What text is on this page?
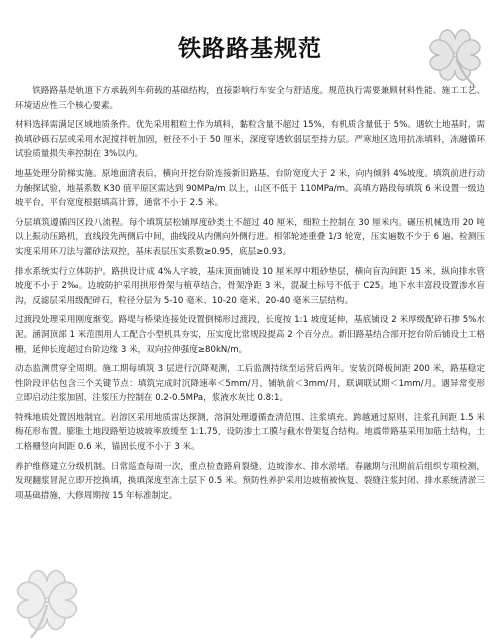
铁路路基规范

铁路路基是轨道下方承载列车荷载的基础结构，直接影响行车安全与舒适度。规范执行需要兼顾材料性能、施工工艺、环境适应性三个核心要素。

材料选择需满足区域地质条件。优先采用粗粒土作为填料，黏粒含量不超过 15%，有机质含量低于 5%。遇软土地基时，需换填砂砾石层或采用水泥搅拌桩加固，桩径不小于 50 厘米，深度穿透软弱层至持力层。严寒地区选用抗冻填料，冻融循环试验质量损失率控制在 3%以内。

地基处理分阶梯实施。原地面清表后，横向开挖台阶连接新旧路基，台阶宽度大于 2 米，向内倾斜 4%坡度。填筑前进行动力触探试验，地基系数 K30 值平原区需达到 90MPa/m 以上，山区不低于 110MPa/m。高填方路段每填筑 6 米设置一级边坡平台，平台宽度根据填高计算，通常不小于 2.5 米。

分层填筑遵循四区段八流程。每个填筑层松铺厚度砂类土不超过 40 厘米，细粒土控制在 30 厘米内。碾压机械选用 20 吨以上振动压路机，直线段先两侧后中间，曲线段从内侧向外侧行进。相邻轮迹重叠 1/3 轮宽，压实遍数不少于 6 遍。检测压实度采用环刀法与灌砂法双控，基床表层压实系数≥0.95，底层≥0.93。

排水系统实行立体防护。路拱设计成 4%人字坡，基床顶面铺设 10 厘米厚中粗砂垫层，横向盲沟间距 15 米，纵向排水管坡度不小于 2‰。边坡防护采用拱形骨架与植草结合，骨架净距 3 米，混凝土标号不低于 C25。地下水丰富段设置渗水盲沟，反滤层采用级配碎石，粒径分层为 5-10 毫米、10-20 毫米、20-40 毫米三层结构。

过渡段处理采用刚度渐变。路堤与桥梁连接处设置倒梯形过渡段，长度按 1:1 坡度延伸，基底铺设 2 米厚级配碎石掺 5%水泥。涵洞顶部 1 米范围用人工配合小型机具夯实，压实度比常规段提高 2 个百分点。新旧路基结合部开挖台阶后铺设土工格栅，延伸长度超过台阶边缘 3 米，双向拉伸强度≥80kN/m。

动态监测贯穿全周期。施工期每填筑 3 层进行沉降观测，工后监测持续至运营后两年。安装沉降板间距 200 米，路基稳定性阶段评估包含三个关键节点：填筑完成时沉降速率＜5mm/月，铺轨前＜3mm/月，联调联试期＜1mm/月。遇异常变形立即启动注浆加固，注浆压力控制在 0.2-0.5MPa，浆液水灰比 0.8:1。

特殊地质处置因地制宜。岩溶区采用地质雷达探测，溶洞处理遵循查清范围、注浆填充、跨越通过原则，注浆孔间距 1.5 米梅花形布置。膨胀土地段路堑边坡坡率放缓至 1:1.75，设防渗土工膜与截水骨架复合结构。地震带路基采用加筋土结构，土工格栅竖向间距 0.6 米，锚固长度不小于 3 米。

养护维修建立分级机制。日常巡查每周一次，重点检查路肩裂缝、边坡渗水、排水淤堵。春融期与汛期前后组织专项检测，发现翻浆冒泥立即开挖换填，换填深度至冻土层下 0.5 米。预防性养护采用边坡植被恢复、裂缝注浆封闭、排水系统清淤三项基础措施，大修周期按 15 年标准制定。
